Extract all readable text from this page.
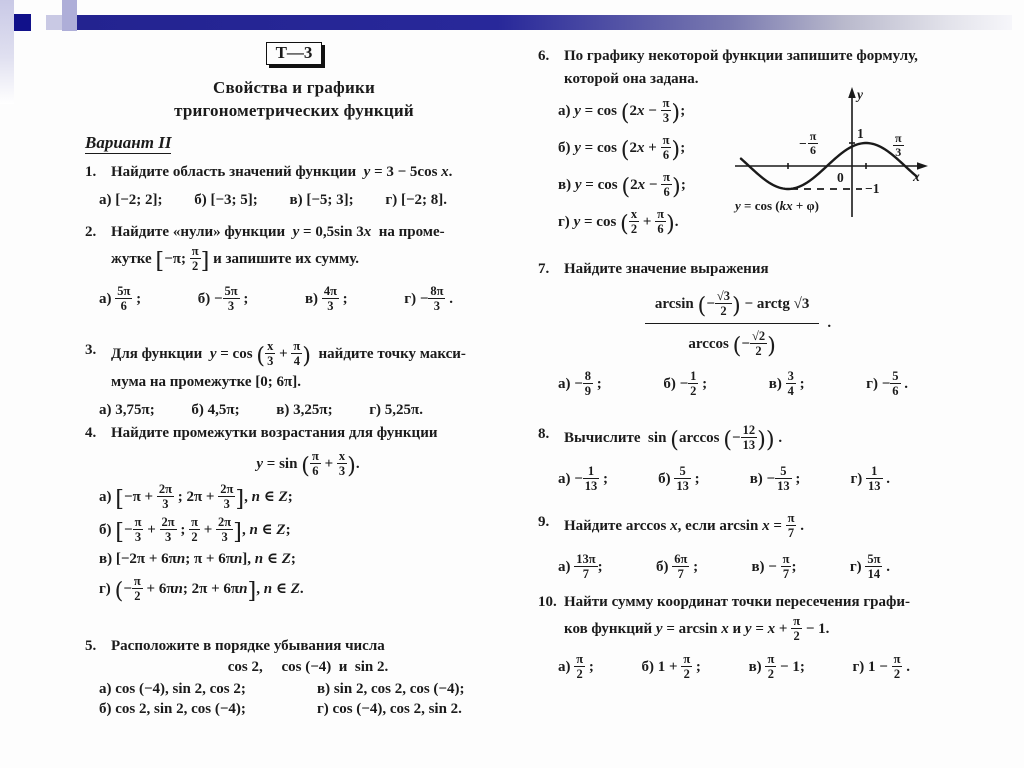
Т—3
Свойства и графики
тригонометрических функций
Вариант II
1. Найдите область значений функции  y = 3 − 5cos x.
а) [−2; 2]; б) [−3; 5]; в) [−5; 3]; г) [−2; 8].
2. Найдите «нули» функции  y = 0,5sin 3x  на проме-
жутке [−π; $\frac{\pi}{2}$ ] и запишите их сумму.
$а) \frac{5\pi}{6}$ ;	$б) - \frac{5\pi}{3}$ ;	$в) \frac{4\pi}{3}$ ;	$г) - \frac{8\pi}{3}$ .
3. Для функции  y = cos ( $\frac{x}{3} + \frac{\pi}{4}$ )  найдите точку макси-
мума на промежутке [0; 6π].
а) 3,75π; б) 4,5π; в) 3,25π; г) 5,25π.
4. Найдите промежутки возрастания для функции
y = sin ( $\frac{\pi}{6} + \frac{x}{3}$ ).
а) [$-\pi + \frac{2\pi}{3}$ ; $2\pi + \frac{2\pi}{3}$ ], n ∈ Z;
б) [− $\frac{\pi}{3} + \frac{2\pi}{3}$ ; $\frac{\pi}{2} + \frac{2\pi}{3}$ ], n ∈ Z;
в) [−2π + 6πn; π + 6πn], n ∈ Z;
г) (− $\frac{\pi}{2} + 6\pi n$; 2π + 6πn], n ∈ Z.
5. Расположите в порядке убывания числа
cos 2,     cos (−4)  и  sin 2.
а) cos (−4), sin 2, cos 2;	в) sin 2, cos 2, cos (−4);
б) cos 2, sin 2, cos (−4);	г) cos (−4), cos 2, sin 2.
6. По графику некоторой функции запишите формулу,
которой она задана.
а) $y = \cos (2x - \frac{\pi}{3}$ );
б) $y = \cos (2x + \frac{\pi}{6}$ );
в) $y = \cos (2x - \frac{\pi}{6}$ );
г) y = cos ( $\frac{x}{2} + \frac{\pi}{6}$ ).
y
x
0
1
−1
− $\frac{\pi}{6}$	$\frac{\pi}{3}$
y = cos (kx + φ)
7. Найдите значение выражения
$\frac{\arcsin (- \frac{√3}{2} ) - arctg √3}{\arccos (- \frac{√2}{2} )}$ .
$а) - \frac{8}{9}$ ;	$б) - \frac{1}{2}$ ;	$в) \frac{3}{4}$ ;	$г) - \frac{5}{6}$ .
8. Вычислите  sin (arccos (− $\frac{12}{13}$ )) .
$а) - \frac{1}{13}$ ;	$б) \frac{5}{13}$ ;	$в) - \frac{5}{13}$ ;	$г) \frac{1}{13}$ .
9. Найдите arccos x, если $\arcsin x = \frac{\pi}{7}$ .
$а) \frac{13\pi}{7}$ ;	$б) \frac{6\pi}{7}$ ;	$в) - \frac{\pi}{7}$ ;	$г) \frac{5\pi}{14}$ .
10. Найти сумму координат точки пересечения графи-
ков функций y = arcsin x и $y = x + \frac{\pi}{2} - 1$.
$а) \frac{\pi}{2}$ ;	б) $1 + \frac{\pi}{2}$ ;	$в) \frac{\pi}{2} - 1$;	г) $1 - \frac{\pi}{2}$ .
